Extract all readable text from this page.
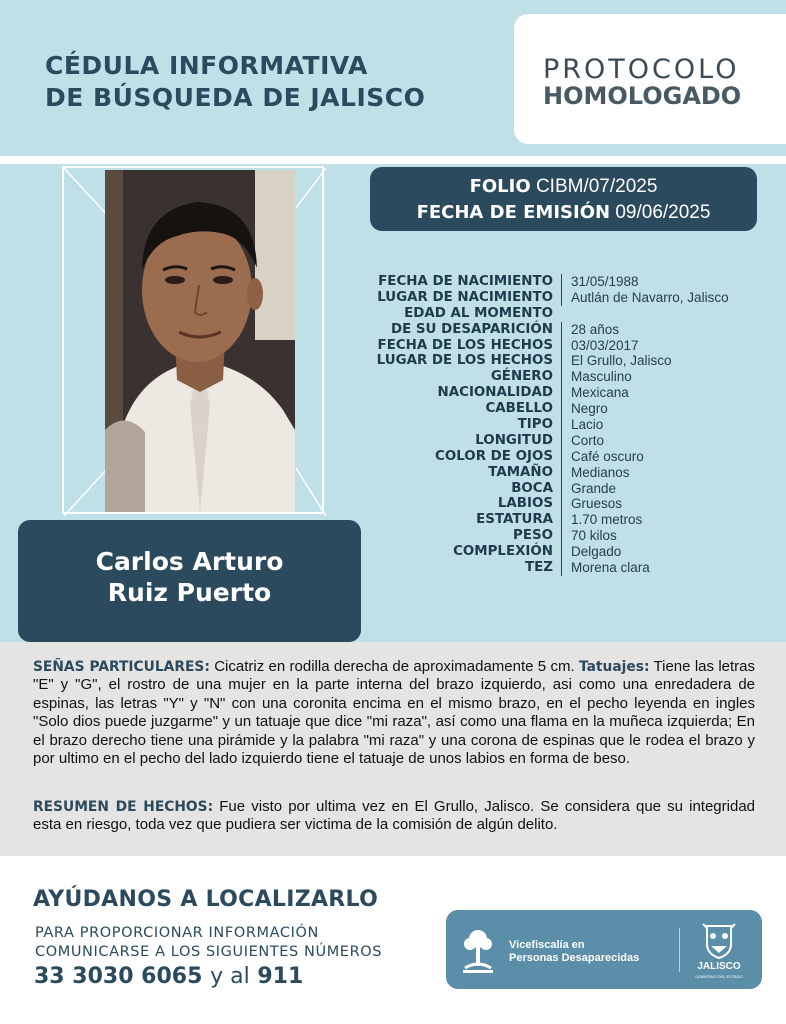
CÉDULA INFORMATIVA
DE BÚSQUEDA DE JALISCO
PROTOCOLO
HOMOLOGADO
FOLIO CIBM/07/2025
FECHA DE EMISIÓN 09/06/2025
FECHA DE NACIMIENTO	31/05/1988
LUGAR DE NACIMIENTO	Autlán de Navarro, Jalisco
EDAD AL MOMENTO
DE SU DESAPARICIÓN	28 años
FECHA DE LOS HECHOS	03/03/2017
LUGAR DE LOS HECHOS	El Grullo, Jalisco
GÉNERO	Masculino
NACIONALIDAD	Mexicana
CABELLO	Negro
TIPO	Lacio
LONGITUD	Corto
COLOR DE OJOS	Café oscuro
TAMAÑO	Medianos
BOCA	Grande
LABIOS	Gruesos
ESTATURA	1.70 metros
PESO	70 kilos
COMPLEXIÓN	Delgado
TEZ	Morena clara
Carlos Arturo
Ruiz Puerto

SEÑAS PARTICULARES: Cicatriz en rodilla derecha de aproximadamente 5 cm. Tatuajes: Tiene las letras "E" y "G", el rostro de una mujer en la parte interna del brazo izquierdo, asi como una enredadera de espinas, las letras "Y" y "N" con una coronita encima en el mismo brazo, en el pecho leyenda en ingles "Solo dios puede juzgarme" y un tatuaje que dice "mi raza", así como una flama en la muñeca izquierda; En el brazo derecho tiene una pirámide y la palabra "mi raza" y una corona de espinas que le rodea el brazo y por ultimo en el pecho del lado izquierdo tiene el tatuaje de unos labios en forma de beso.

RESUMEN DE HECHOS: Fue visto por ultima vez en El Grullo, Jalisco. Se considera que su integridad esta en riesgo, toda vez que pudiera ser victima de la comisión de algún delito.

AYÚDANOS A LOCALIZARLO
PARA PROPORCIONAR INFORMACIÓN
COMUNICARSE A LOS SIGUIENTES NÚMEROS
33 3030 6065 y al 911
Vicefiscalía en
Personas Desaparecidas
JALISCO
GOBIERNO DEL ESTADO
